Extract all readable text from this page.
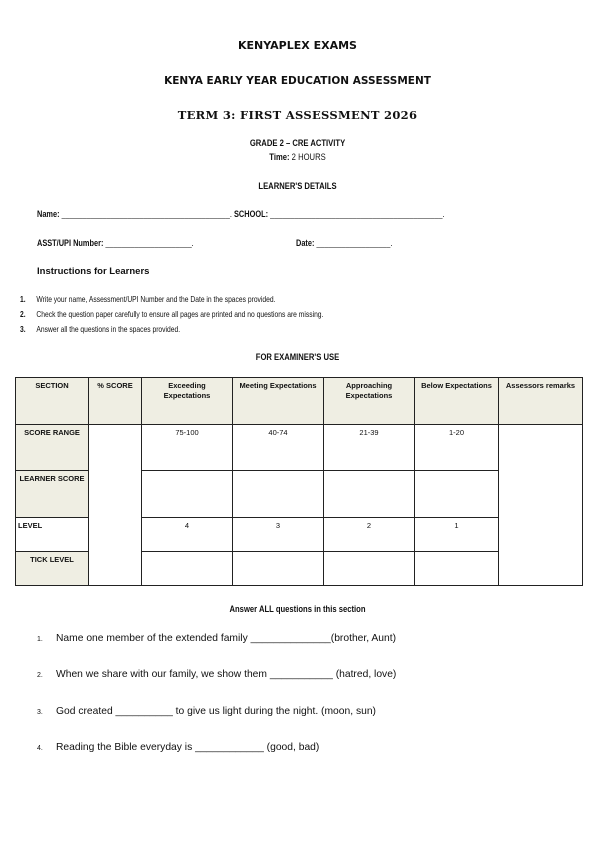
KENYAPLEX EXAMS
KENYA EARLY YEAR EDUCATION ASSESSMENT
TERM 3: FIRST ASSESSMENT 2026
GRADE 2 – CRE ACTIVITY
Time: 2 HOURS
LEARNER'S DETAILS
Name: _________________________________________. SCHOOL: __________________________________________.
ASST/UPI Number: _____________________.	Date: __________________.
Instructions for Learners
1. Write your name, Assessment/UPI Number and the Date in the spaces provided.
2. Check the question paper carefully to ensure all pages are printed and no questions are missing.
3. Answer all the questions in the spaces provided.
FOR EXAMINER'S USE
SECTION	% SCORE	Exceeding Expectations	Meeting Expectations	Approaching Expectations	Below Expectations	Assessors remarks
SCORE RANGE		75-100	40-74	21-39	1-20	
LEARNER SCORE						
LEVEL		4	3	2	1	
TICK LEVEL						
Answer ALL questions in this section
1. Name one member of the extended family ______________(brother, Aunt)
2. When we share with our family, we show them ___________ (hatred, love)
3. God created __________ to give us light during the night. (moon, sun)
4. Reading the Bible everyday is ____________ (good, bad)
